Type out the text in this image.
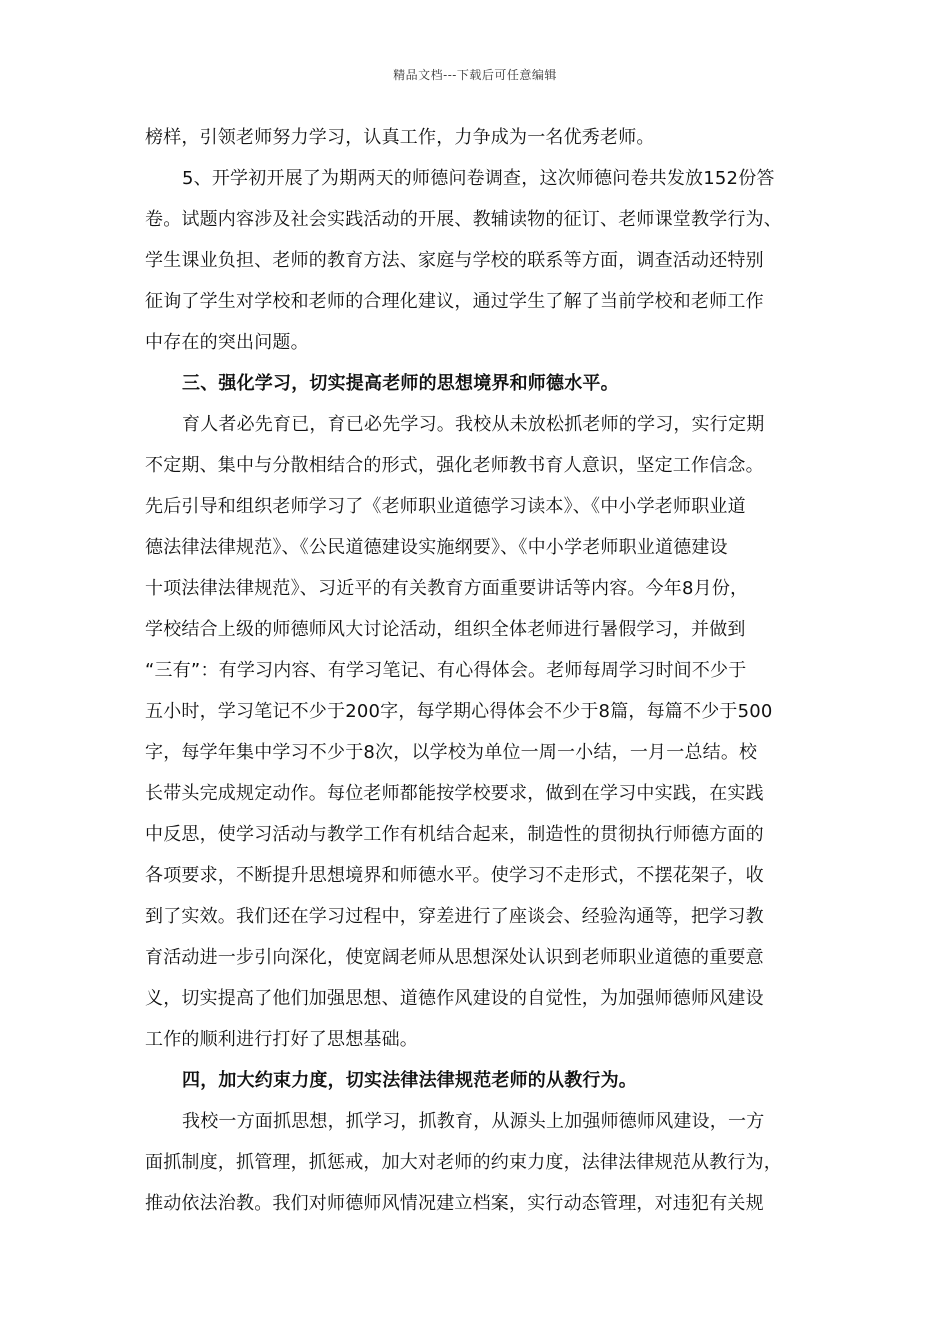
精品文档---下载后可任意编辑
榜样，引领老师努力学习，认真工作，力争成为一名优秀老师。
5、开学初开展了为期两天的师德问卷调查，这次师德问卷共发放152份答
卷。试题内容涉及社会实践活动的开展、教辅读物的征订、老师课堂教学行为、
学生课业负担、老师的教育方法、家庭与学校的联系等方面，调查活动还特别
征询了学生对学校和老师的合理化建议，通过学生了解了当前学校和老师工作
中存在的突出问题。
三、强化学习，切实提高老师的思想境界和师德水平。
育人者必先育已，育已必先学习。我校从未放松抓老师的学习，实行定期
不定期、集中与分散相结合的形式，强化老师教书育人意识，坚定工作信念。
先后引导和组织老师学习了《老师职业道德学习读本》、《中小学老师职业道
德法律法律规范》、《公民道德建设实施纲要》、《中小学老师职业道德建设
十项法律法律规范》、习近平的有关教育方面重要讲话等内容。今年8月份，
学校结合上级的师德师风大讨论活动，组织全体老师进行暑假学习，并做到
“三有”：有学习内容、有学习笔记、有心得体会。老师每周学习时间不少于
五小时，学习笔记不少于200字，每学期心得体会不少于8篇，每篇不少于500
字，每学年集中学习不少于8次，以学校为单位一周一小结，一月一总结。校
长带头完成规定动作。每位老师都能按学校要求，做到在学习中实践，在实践
中反思，使学习活动与教学工作有机结合起来，制造性的贯彻执行师德方面的
各项要求，不断提升思想境界和师德水平。使学习不走形式，不摆花架子，收
到了实效。我们还在学习过程中，穿差进行了座谈会、经验沟通等，把学习教
育活动进一步引向深化，使宽阔老师从思想深处认识到老师职业道德的重要意
义，切实提高了他们加强思想、道德作风建设的自觉性，为加强师德师风建设
工作的顺利进行打好了思想基础。
四，加大约束力度，切实法律法律规范老师的从教行为。
我校一方面抓思想，抓学习，抓教育，从源头上加强师德师风建设，一方
面抓制度，抓管理，抓惩戒，加大对老师的约束力度，法律法律规范从教行为，
推动依法治教。我们对师德师风情况建立档案，实行动态管理，对违犯有关规
